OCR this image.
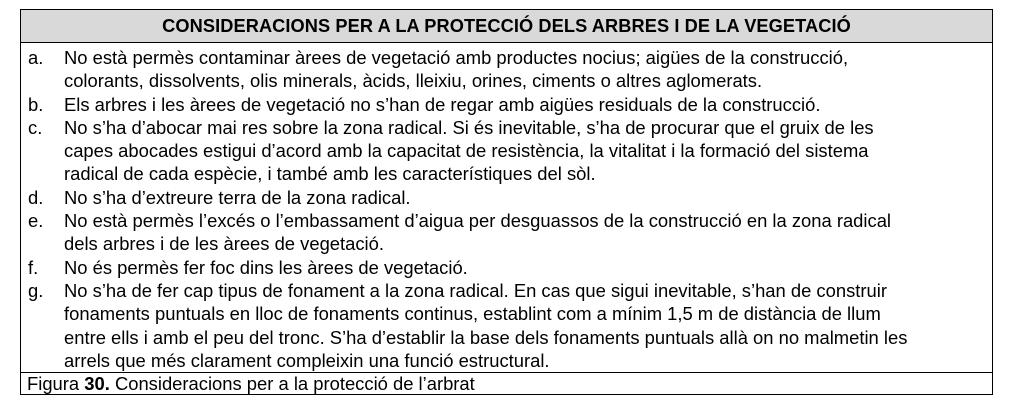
CONSIDERACIONS PER A LA PROTECCIÓ DELS ARBRES I DE LA VEGETACIÓ
a.	No està permès contaminar àrees de vegetació amb productes nocius; aigües de la construcció,
colorants, dissolvents, olis minerals, àcids, lleixiu, orines, ciments o altres aglomerats.
b.	Els arbres i les àrees de vegetació no s’han de regar amb aigües residuals de la construcció.
c.	No s’ha d’abocar mai res sobre la zona radical. Si és inevitable, s’ha de procurar que el gruix de les
capes abocades estigui d’acord amb la capacitat de resistència, la vitalitat i la formació del sistema
radical de cada espècie, i també amb les característiques del sòl.
d.	No s’ha d’extreure terra de la zona radical.
e.	No està permès l’excés o l’embassament d’aigua per desguassos de la construcció en la zona radical
dels arbres i de les àrees de vegetació.
f.	No és permès fer foc dins les àrees de vegetació.
g.	No s’ha de fer cap tipus de fonament a la zona radical. En cas que sigui inevitable, s’han de construir
fonaments puntuals en lloc de fonaments continus, establint com a mínim 1,5 m de distància de llum
entre ells i amb el peu del tronc. S’ha d’establir la base dels fonaments puntuals allà on no malmetin les
arrels que més clarament compleixin una funció estructural.
Figura 30. Consideracions per a la protecció de l’arbrat
